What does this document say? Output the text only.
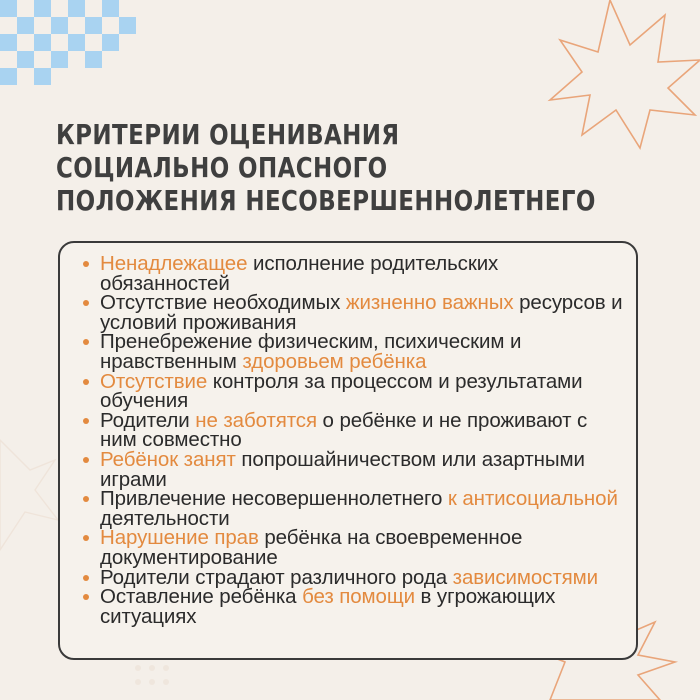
КРИТЕРИИ ОЦЕНИВАНИЯ
СОЦИАЛЬНО ОПАСНОГО
ПОЛОЖЕНИЯ НЕСОВЕРШЕННОЛЕТНЕГО
Ненадлежащее исполнение родительских обязанностей
Отсутствие необходимых жизненно важных ресурсов и условий проживания
Пренебрежение физическим, психическим и нравственным здоровьем ребёнка
Отсутствие контроля за процессом и результатами обучения
Родители не заботятся о ребёнке и не проживают с ним совместно
Ребёнок занят попрошайничеством или азартными играми
Привлечение несовершеннолетнего к антисоциальной деятельности
Нарушение прав ребёнка на своевременное документирование
Родители страдают различного рода зависимостями
Оставление ребёнка без помощи в угрожающих ситуациях
